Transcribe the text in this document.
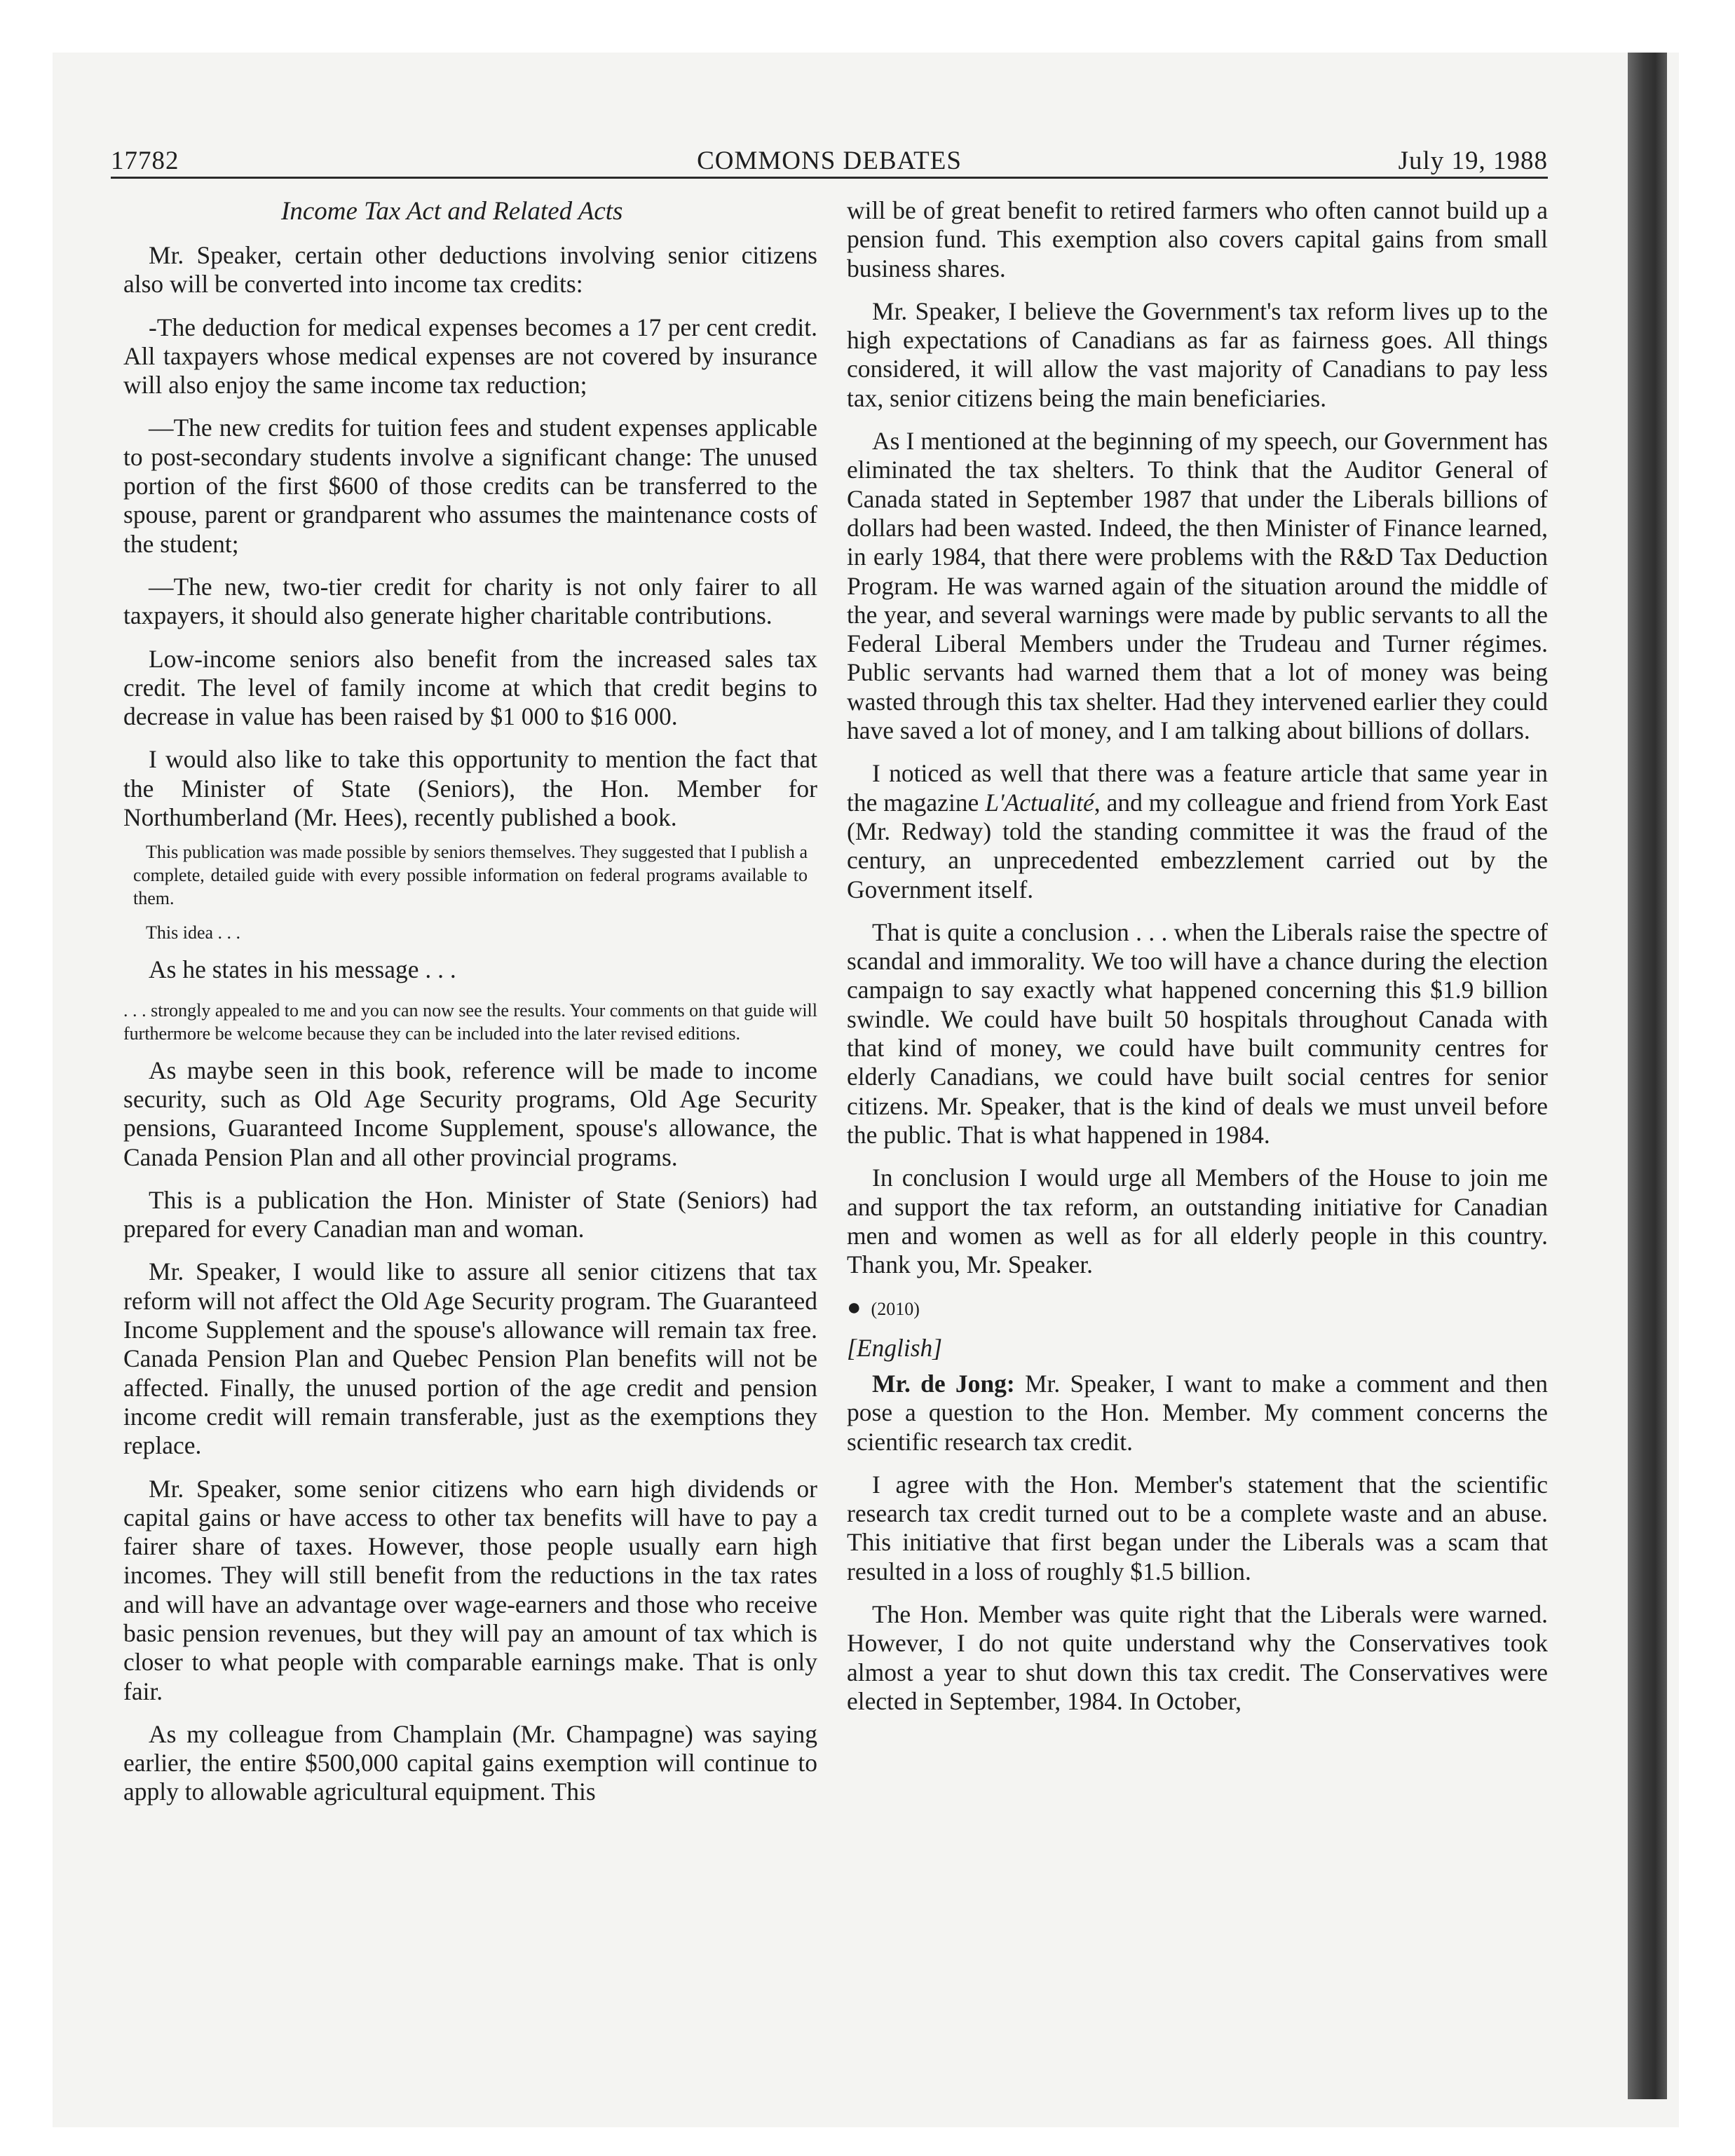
17782	COMMONS DEBATES	July 19, 1988
Income Tax Act and Related Acts

Mr. Speaker, certain other deductions involving senior citizens also will be converted into income tax credits:

-The deduction for medical expenses becomes a 17 per cent credit. All taxpayers whose medical expenses are not covered by insurance will also enjoy the same income tax reduction;

—The new credits for tuition fees and student expenses applicable to post-secondary students involve a significant change: The unused portion of the first $600 of those credits can be transferred to the spouse, parent or grandparent who assumes the maintenance costs of the student;

—The new, two-tier credit for charity is not only fairer to all taxpayers, it should also generate higher charitable contributions.

Low-income seniors also benefit from the increased sales tax credit. The level of family income at which that credit begins to decrease in value has been raised by $1 000 to $16 000.

I would also like to take this opportunity to mention the fact that the Minister of State (Seniors), the Hon. Member for Northumberland (Mr. Hees), recently published a book.

This publication was made possible by seniors themselves. They suggested that I publish a complete, detailed guide with every possible information on federal programs available to them.

This idea . . .

As he states in his message . . .

. . . strongly appealed to me and you can now see the results. Your comments on that guide will furthermore be welcome because they can be included into the later revised editions.

As maybe seen in this book, reference will be made to income security, such as Old Age Security programs, Old Age Security pensions, Guaranteed Income Supplement, spouse's allowance, the Canada Pension Plan and all other provincial programs.

This is a publication the Hon. Minister of State (Seniors) had prepared for every Canadian man and woman.

Mr. Speaker, I would like to assure all senior citizens that tax reform will not affect the Old Age Security program. The Guaranteed Income Supplement and the spouse's allowance will remain tax free. Canada Pension Plan and Quebec Pension Plan benefits will not be affected. Finally, the unused portion of the age credit and pension income credit will remain transferable, just as the exemptions they replace.

Mr. Speaker, some senior citizens who earn high dividends or capital gains or have access to other tax benefits will have to pay a fairer share of taxes. However, those people usually earn high incomes. They will still benefit from the reductions in the tax rates and will have an advantage over wage-earners and those who receive basic pension revenues, but they will pay an amount of tax which is closer to what people with comparable earnings make. That is only fair.

As my colleague from Champlain (Mr. Champagne) was saying earlier, the entire $500,000 capital gains exemption will continue to apply to allowable agricultural equipment. This

will be of great benefit to retired farmers who often cannot build up a pension fund. This exemption also covers capital gains from small business shares.

Mr. Speaker, I believe the Government's tax reform lives up to the high expectations of Canadians as far as fairness goes. All things considered, it will allow the vast majority of Canadians to pay less tax, senior citizens being the main beneficiaries.

As I mentioned at the beginning of my speech, our Government has eliminated the tax shelters. To think that the Auditor General of Canada stated in September 1987 that under the Liberals billions of dollars had been wasted. Indeed, the then Minister of Finance learned, in early 1984, that there were problems with the R&D Tax Deduction Program. He was warned again of the situation around the middle of the year, and several warnings were made by public servants to all the Federal Liberal Members under the Trudeau and Turner régimes. Public servants had warned them that a lot of money was being wasted through this tax shelter. Had they intervened earlier they could have saved a lot of money, and I am talking about billions of dollars.

I noticed as well that there was a feature article that same year in the magazine L'Actualité, and my colleague and friend from York East (Mr. Redway) told the standing committee it was the fraud of the century, an unprecedented embezzlement carried out by the Government itself.

That is quite a conclusion . . . when the Liberals raise the spectre of scandal and immorality. We too will have a chance during the election campaign to say exactly what happened concerning this $1.9 billion swindle. We could have built 50 hospitals throughout Canada with that kind of money, we could have built community centres for elderly Canadians, we could have built social centres for senior citizens. Mr. Speaker, that is the kind of deals we must unveil before the public. That is what happened in 1984.

In conclusion I would urge all Members of the House to join me and support the tax reform, an outstanding initiative for Canadian men and women as well as for all elderly people in this country. Thank you, Mr. Speaker.

● (2010)

[English]

Mr. de Jong: Mr. Speaker, I want to make a comment and then pose a question to the Hon. Member. My comment concerns the scientific research tax credit.

I agree with the Hon. Member's statement that the scientific research tax credit turned out to be a complete waste and an abuse. This initiative that first began under the Liberals was a scam that resulted in a loss of roughly $1.5 billion.

The Hon. Member was quite right that the Liberals were warned. However, I do not quite understand why the Conservatives took almost a year to shut down this tax credit. The Conservatives were elected in September, 1984. In October,
